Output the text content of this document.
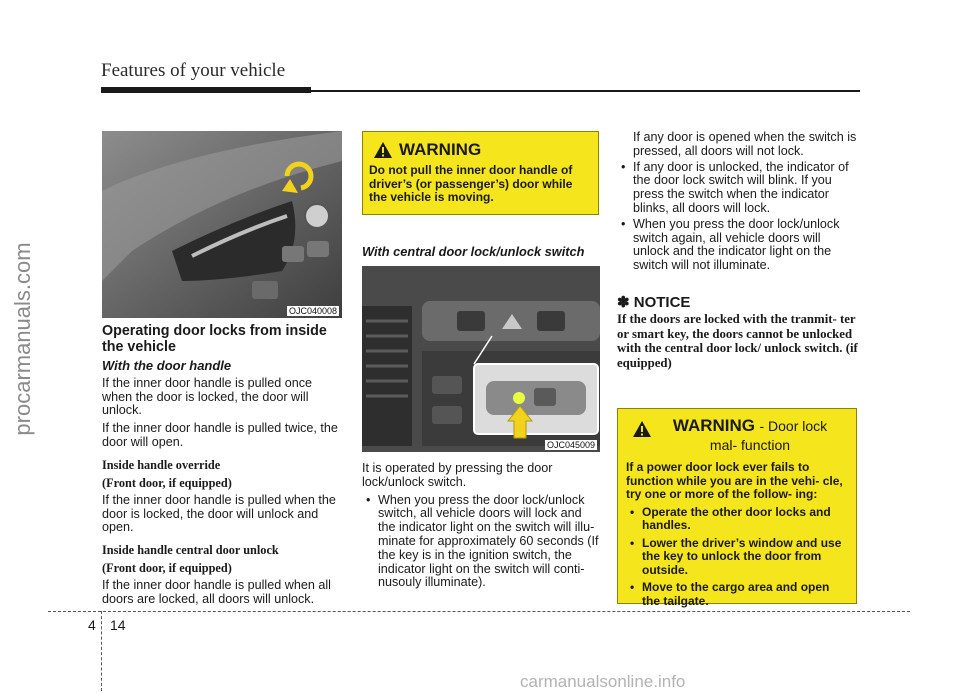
Features of your vehicle
procarmanuals.com	OJC040008
Operating door locks from inside the vehicle
With the door handle

If the inner door handle is pulled once when the door is locked, the door will unlock.

If the inner door handle is pulled twice, the door will open.

Inside handle override

(Front door, if equipped)

If the inner door handle is pulled when the door is locked, the door will unlock and open.

Inside handle central door unlock

(Front door, if equipped)

If the inner door handle is pulled when all doors are locked, all doors will unlock.

WARNING
Do not pull the inner door handle of driver’s (or passenger’s) door while the vehicle is moving.
With central door lock/unlock switch
OJC045009

It is operated by pressing the door lock/unlock switch.

• When you press the door lock/unlock switch, all vehicle doors will lock and the indicator light on the switch will illu- minate for approximately 60 seconds (If the key is in the ignition switch, the indicator light on the switch will conti- nusouly illuminate).
If any door is opened when the switch is pressed, all doors will not lock.
• If any door is unlocked, the indicator of the door lock switch will blink. If you press the switch when the indicator blinks, all doors will lock.
• When you press the door lock/unlock switch again, all vehicle doors will unlock and the indicator light on the switch will not illuminate.
✽ NOTICE
If the doors are locked with the tranmit- ter or smart key, the doors cannot be unlocked with the central door lock/ unlock switch. (if equipped)
WARNING - Door lock mal- function
If a power door lock ever fails to function while you are in the vehi- cle, try one or more of the follow- ing:
• Operate the other door locks and handles.
• Lower the driver’s window and use the key to unlock the door from outside.
• Move to the cargo area and open the tailgate.
4 14
carmanualsonline.info
